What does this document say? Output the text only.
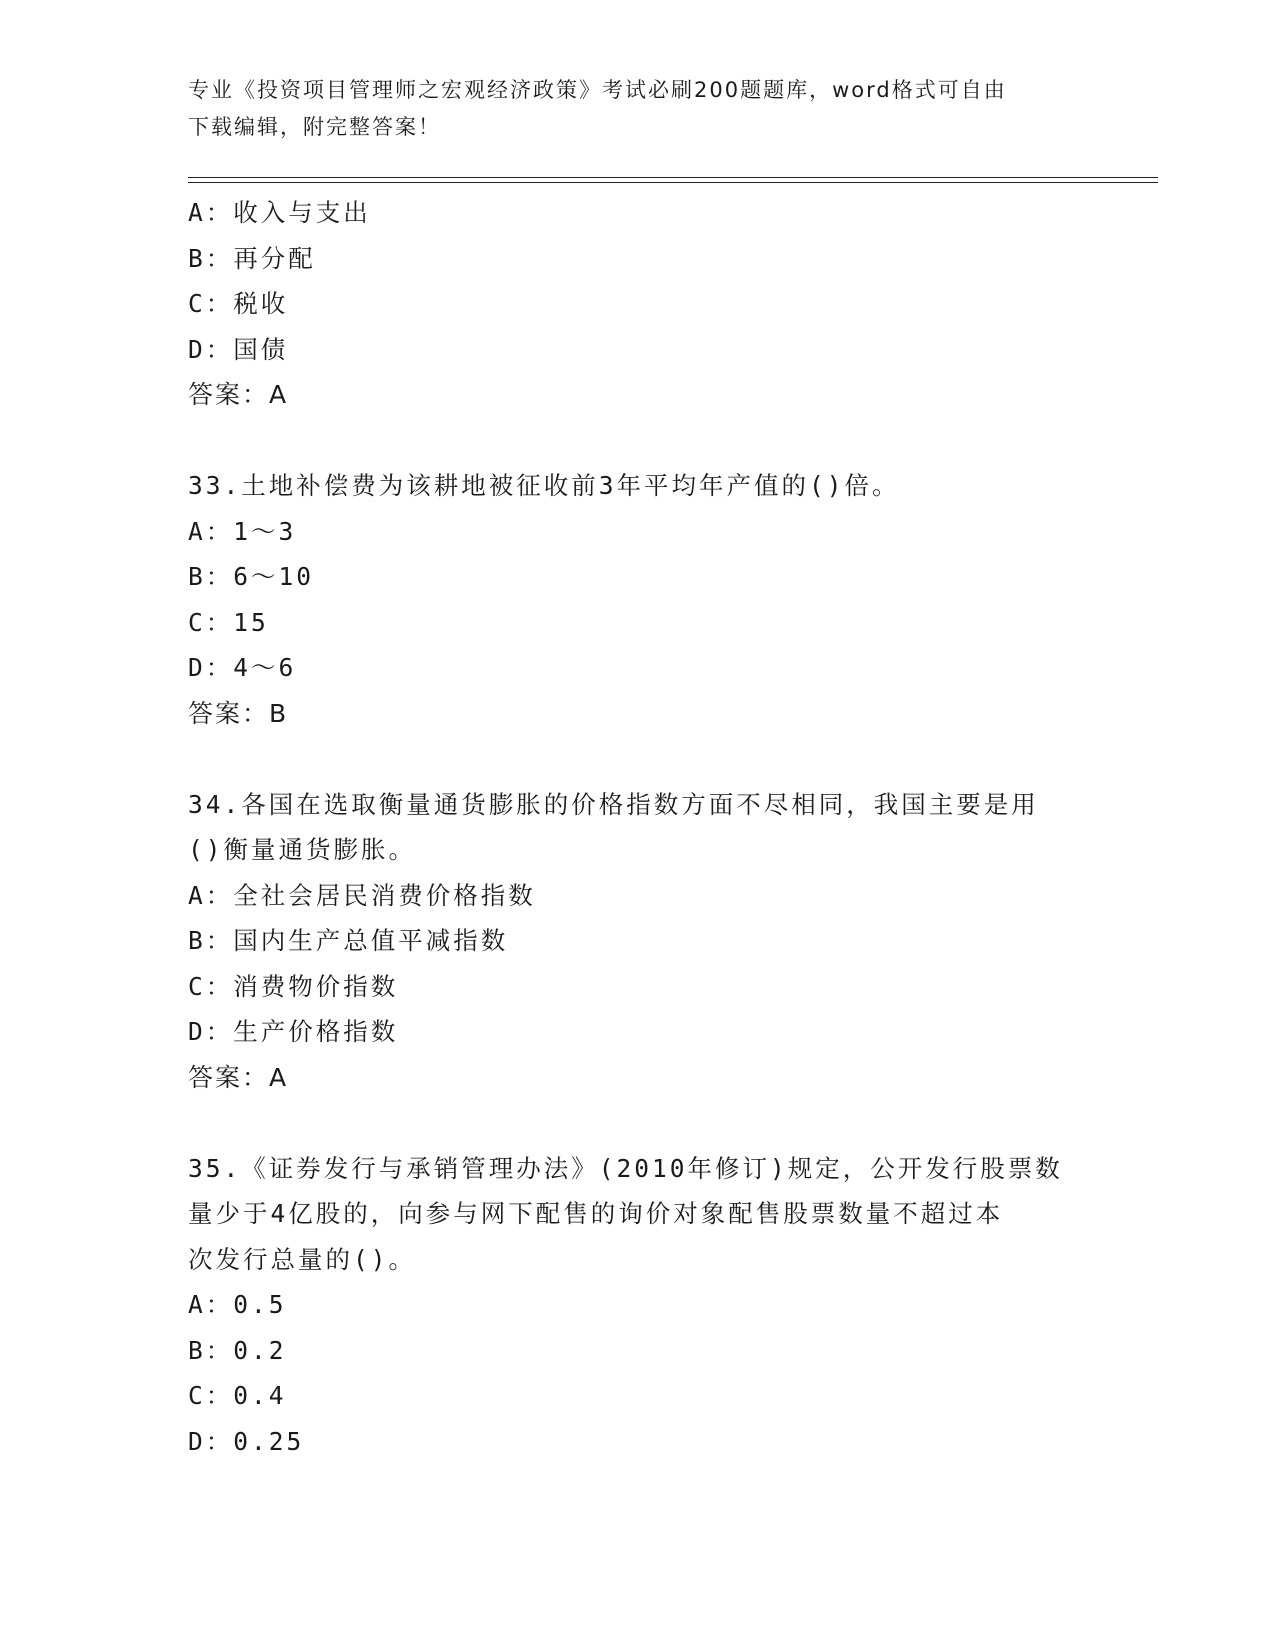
专业《投资项目管理师之宏观经济政策》考试必刷200题题库，word格式可自由
下载编辑，附完整答案！
A：收入与支出
B：再分配
C：税收
D：国债
答案：A
33.土地补偿费为该耕地被征收前3年平均年产值的()倍。
A：1～3
B：6～10
C：15
D：4～6
答案：B
34.各国在选取衡量通货膨胀的价格指数方面不尽相同，我国主要是用
()衡量通货膨胀。
A：全社会居民消费价格指数
B：国内生产总值平减指数
C：消费物价指数
D：生产价格指数
答案：A
35.《证券发行与承销管理办法》(2010年修订)规定，公开发行股票数
量少于4亿股的，向参与网下配售的询价对象配售股票数量不超过本
次发行总量的()。
A：0.5
B：0.2
C：0.4
D：0.25
